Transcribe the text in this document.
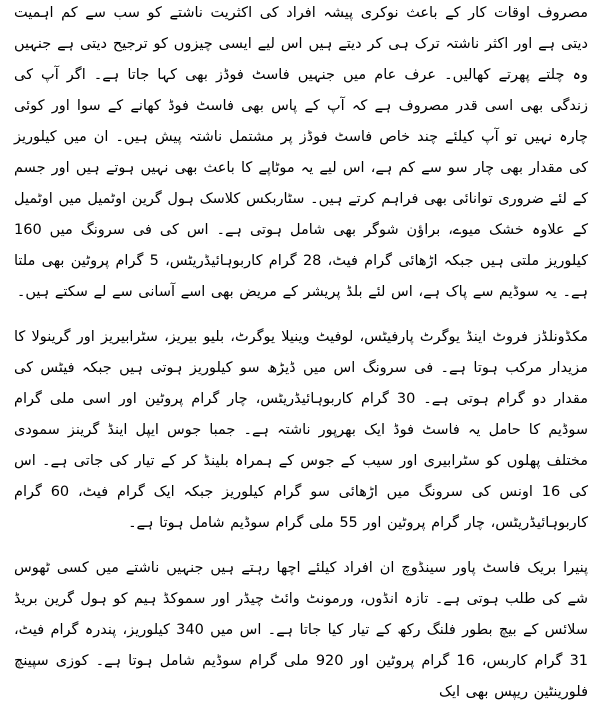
مصروف اوقات کار کے باعث نوکری پیشہ افراد کی اکثریت ناشتے کو سب سے کم اہمیت دیتی ہے اور اکثر ناشتہ ترک ہی کر دیتے ہیں اس لیے ایسی چیزوں کو ترجیح دیتی ہے جنہیں وہ چلتے پھرتے کھالیں۔ عرف عام میں جنہیں فاسٹ فوڈز بھی کہا جاتا ہے۔ اگر آپ کی زندگی بھی اسی قدر مصروف ہے کہ آپ کے پاس بھی فاسٹ فوڈ کھانے کے سوا اور کوئی چارہ نہیں تو آپ کیلئے چند خاص فاسٹ فوڈز پر مشتمل ناشتہ پیش ہیں۔ ان میں کیلوریز کی مقدار بھی چار سو سے کم ہے، اس لیے یہ موٹاپے کا باعث بھی نہیں ہوتے ہیں اور جسم کے لئے ضروری توانائی بھی فراہم کرتے ہیں۔ سٹاربکس کلاسک ہول گرین اوٹمیل میں اوٹمیل کے علاوہ خشک میوے، براؤن شوگر بھی شامل ہوتی ہے۔ اس کی فی سرونگ میں 160 کیلوریز ملتی ہیں جبکہ اڑھائی گرام فیٹ، 28 گرام کاربوہائیڈریٹس، 5 گرام پروٹین بھی ملتا ہے۔ یہ سوڈیم سے پاک ہے، اس لئے بلڈ پریشر کے مریض بھی اسے آسانی سے لے سکتے ہیں۔

مکڈونلڈز فروٹ اینڈ یوگرٹ پارفیٹس، لوفیٹ وینیلا یوگرٹ، بلیو بیریز، سٹرابیریز اور گرینولا کا مزیدار مرکب ہوتا ہے۔ فی سرونگ اس میں ڈیڑھ سو کیلوریز ہوتی ہیں جبکہ فیٹس کی مقدار دو گرام ہوتی ہے۔ 30 گرام کاربوہائیڈریٹس، چار گرام پروٹین اور اسی ملی گرام سوڈیم کا حامل یہ فاسٹ فوڈ ایک بھرپور ناشتہ ہے۔ جمبا جوس ایپل اینڈ گرینز سمودی مختلف پھلوں کو سٹرابیری اور سیب کے جوس کے ہمراہ بلینڈ کر کے تیار کی جاتی ہے۔ اس کی 16 اونس کی سرونگ میں اڑھائی سو گرام کیلوریز جبکہ ایک گرام فیٹ، 60 گرام کاربوہائیڈریٹس، چار گرام پروٹین اور 55 ملی گرام سوڈیم شامل ہوتا ہے۔

پنیرا بریک فاسٹ پاور سینڈوچ ان افراد کیلئے اچھا رہتے ہیں جنہیں ناشتے میں کسی ٹھوس شے کی طلب ہوتی ہے۔ تازہ انڈوں، ورمونٹ وائٹ چیڈر اور سموکڈ ہیم کو ہول گرین بریڈ سلائس کے بیچ بطور فلنگ رکھ کے تیار کیا جاتا ہے۔ اس میں 340 کیلوریز، پندرہ گرام فیٹ، 31 گرام کاربس، 16 گرام پروٹین اور 920 ملی گرام سوڈیم شامل ہوتا ہے۔ کوزی سپینچ فلورینٹین ریپس بھی ایک
